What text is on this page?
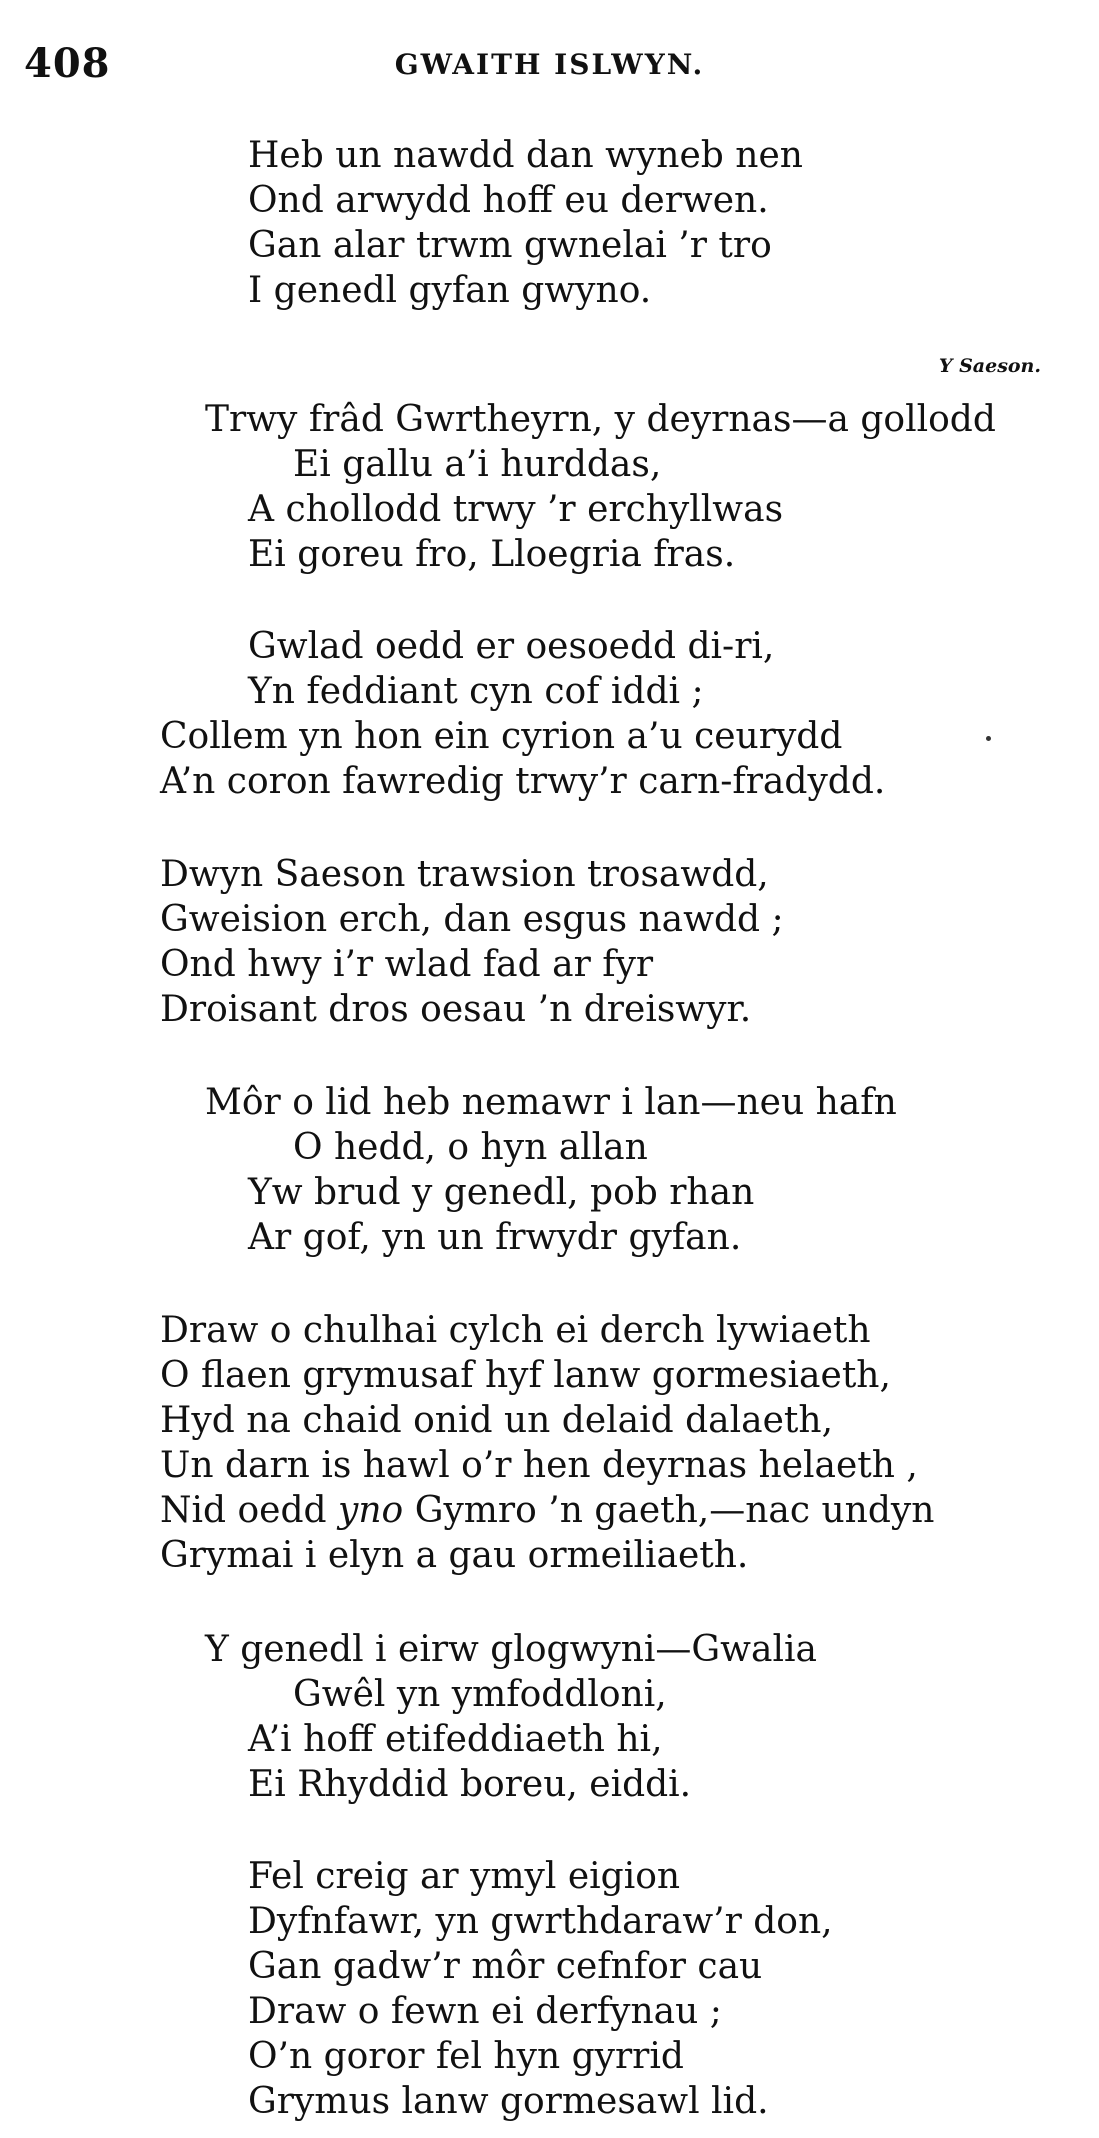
408	GWAITH ISLWYN.
Heb un nawdd dan wyneb nen
Ond arwydd hoff eu derwen.
Gan alar trwm gwnelai ’r tro
I genedl gyfan gwyno.
Y Saeson.
Trwy frâd Gwrtheyrn, y deyrnas—a gollodd
Ei gallu a’i hurddas,
A chollodd trwy ’r erchyllwas
Ei goreu fro, Lloegria fras.
Gwlad oedd er oesoedd di-ri,
Yn feddiant cyn cof iddi ;
Collem yn hon ein cyrion a’u ceurydd
A’n coron fawredig trwy’r carn-fradydd.
Dwyn Saeson trawsion trosawdd,
Gweision erch, dan esgus nawdd ;
Ond hwy i’r wlad fad ar fyr
Droisant dros oesau ’n dreiswyr.
Môr o lid heb nemawr i lan—neu hafn
O hedd, o hyn allan
Yw brud y genedl, pob rhan
Ar gof, yn un frwydr gyfan.
Draw o chulhai cylch ei derch lywiaeth
O flaen grymusaf hyf lanw gormesiaeth,
Hyd na chaid onid un delaid dalaeth,
Un darn is hawl o’r hen deyrnas helaeth ,
Nid oedd yno Gymro ’n gaeth,—nac undyn
Grymai i elyn a gau ormeiliaeth.
Y genedl i eirw glogwyni—Gwalia
Gwêl yn ymfoddloni,
A’i hoff etifeddiaeth hi,
Ei Rhyddid boreu, eiddi.
Fel creig ar ymyl eigion
Dyfnfawr, yn gwrthdaraw’r don,
Gan gadw’r môr cefnfor cau
Draw o fewn ei derfynau ;
O’n goror fel hyn gyrrid
Grymus lanw gormesawl lid.
